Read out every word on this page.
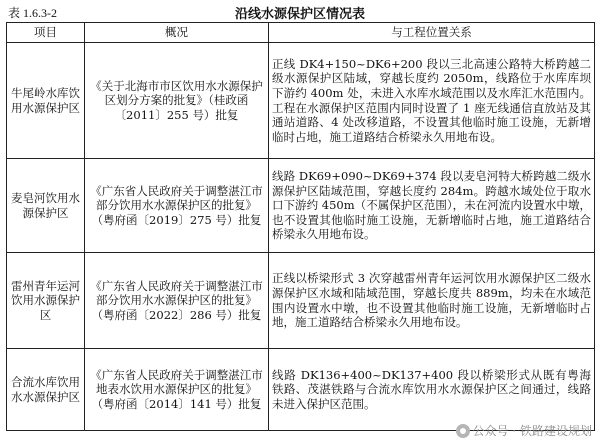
表 1.6.3-2	沿线水源保护区情况表
项目	概况	与工程位置关系
牛尾岭水库饮用水源保护区	《关于北海市市区饮用水水源保护区划分方案的批复》（桂政函〔2011〕255 号）批复	正线 DK4+150~DK6+200 段以三北高速公路特大桥跨越二级水源保护区陆域，穿越长度约 2050m，线路位于水库库坝下游约 400m 处，未进入水库水域范围以及水库汇水范围内。工程在水源保护区范围内同时设置了 1 座无线通信直放站及其通站道路、4 处改移道路，不设置其他临时施工设施，无新增临时占地，施工道路结合桥梁永久用地布设。
麦皂河饮用水源保护区	《广东省人民政府关于调整湛江市部分饮用水水源保护区的批复》（粤府函〔2019〕275 号）批复	线路 DK69+090~DK69+374 段以麦皂河特大桥跨越二级水源保护区陆域范围，穿越长度约 284m。跨越水域处位于取水口下游约 450m（不属保护区范围），未在河流内设置水中墩，也不设置其他临时施工设施，无新增临时占地，施工道路结合桥梁永久用地布设。
雷州青年运河饮用水源保护区	《广东省人民政府关于调整湛江市部分饮用水水源保护区的批复》（粤府函〔2022〕286 号）批复	正线以桥梁形式 3 次穿越雷州青年运河饮用水源保护区二级水源保护区水域和陆域范围，穿越长度共 889m，均未在水域范围内设置水中墩，也不设置其他临时施工设施，无新增临时占地，施工道路结合桥梁永久用地布设。
合流水库饮用水水源保护区	《广东省人民政府关于调整湛江市地表水饮用水源保护区的批复》（粤府函〔2014〕141 号）批复	线路 DK136+400~DK137+400 段以桥梁形式从既有粤海铁路、茂湛铁路与合流水库饮用水水源保护区之间通过，线路未进入保护区范围。
公众号 · 铁路建设规划
